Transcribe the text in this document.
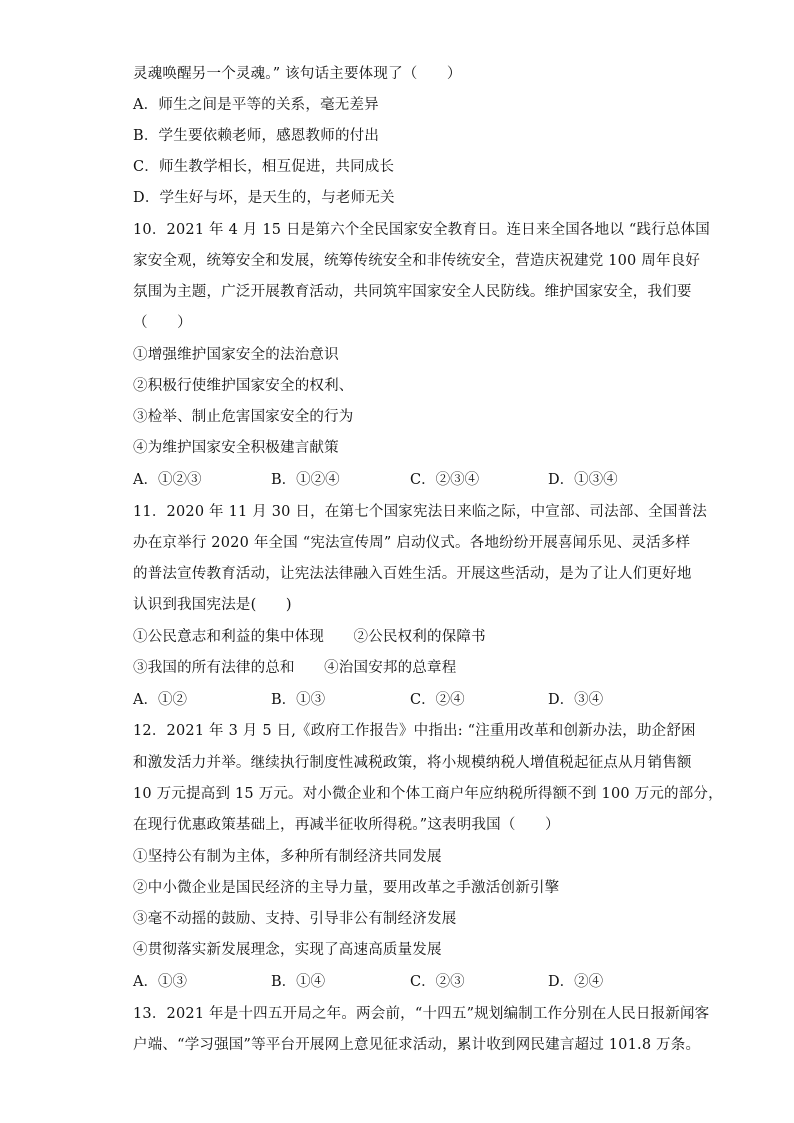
灵魂唤醒另一个灵魂。” 该句话主要体现了（　　）
A．师生之间是平等的关系，毫无差异
B．学生要依赖老师，感恩教师的付出
C．师生教学相长，相互促进，共同成长
D．学生好与坏，是天生的，与老师无关
10．2021 年 4 月 15 日是第六个全民国家安全教育日。连日来全国各地以 “践行总体国
家安全观，统筹安全和发展，统筹传统安全和非传统安全，营造庆祝建党 100 周年良好
氛围为主题，广泛开展教育活动，共同筑牢国家安全人民防线。维护国家安全，我们要
（　　）
①增强维护国家安全的法治意识
②积极行使维护国家安全的权利、
③检举、制止危害国家安全的行为
④为维护国家安全积极建言献策
A．①②③	B．①②④	C．②③④	D．①③④
11．2020 年 11 月 30 日，在第七个国家宪法日来临之际，中宣部、司法部、全国普法
办在京举行 2020 年全国 “宪法宣传周” 启动仪式。各地纷纷开展喜闻乐见、灵活多样
的普法宣传教育活动，让宪法法律融入百姓生活。开展这些活动，是为了让人们更好地
认识到我国宪法是(　　)
①公民意志和利益的集中体现　　②公民权利的保障书
③我国的所有法律的总和　　④治国安邦的总章程
A．①②	B．①③	C．②④	D．③④
12．2021 年 3 月 5 日,《政府工作报告》中指出: “注重用改革和创新办法，助企舒困
和激发活力并举。继续执行制度性减税政策，将小规模纳税人增值税起征点从月销售额
10 万元提高到 15 万元。对小微企业和个体工商户年应纳税所得额不到 100 万元的部分，
在现行优惠政策基础上，再减半征收所得税。”这表明我国（　　）
①坚持公有制为主体，多种所有制经济共同发展
②中小微企业是国民经济的主导力量，要用改革之手激活创新引擎
③毫不动摇的鼓励、支持、引导非公有制经济发展
④贯彻落实新发展理念，实现了高速高质量发展
A．①③	B．①④	C．②③	D．②④
13．2021 年是十四五开局之年。两会前，“十四五”规划编制工作分别在人民日报新闻客
户端、“学习强国”等平台开展网上意见征求活动，累计收到网民建言超过 101.8 万条。
